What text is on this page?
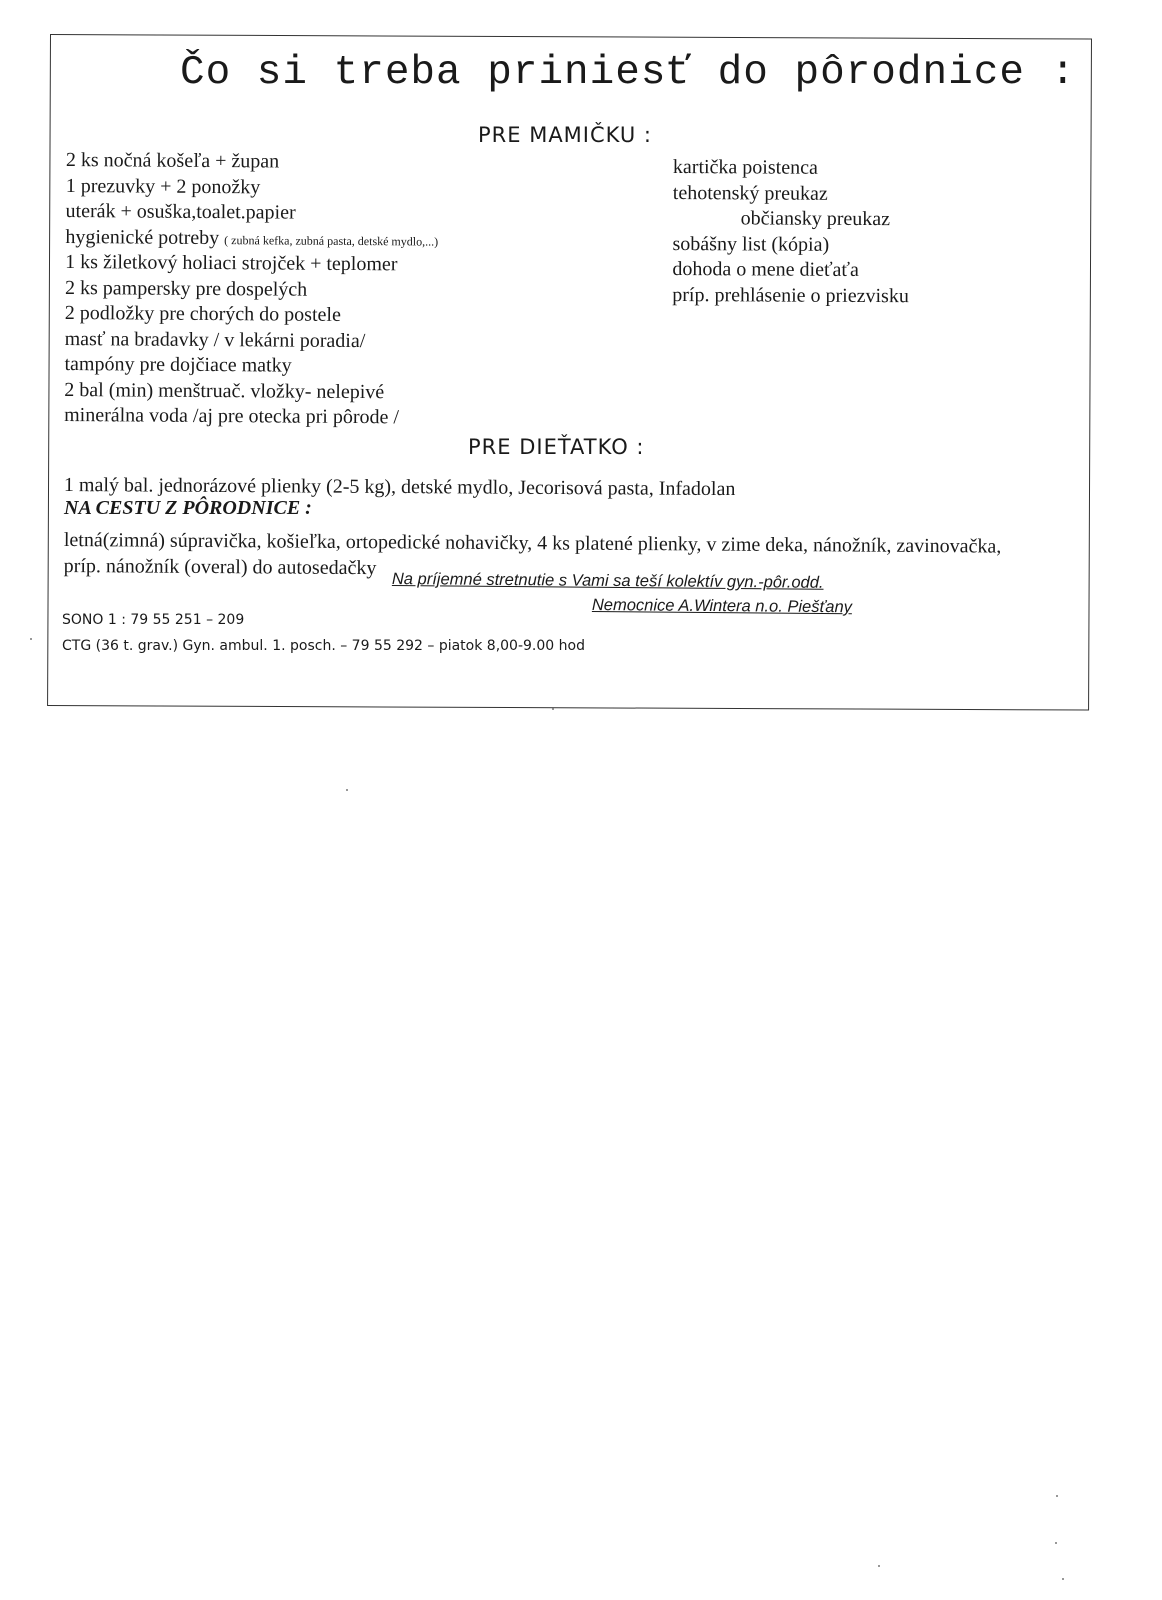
Čo si treba priniesť do pôrodnice :
PRE MAMIČKU :
2 ks nočná košeľa + župan
1 prezuvky + 2 ponožky
uterák + osuška,toalet.papier
hygienické potreby ( zubná kefka, zubná pasta, detské mydlo,...)
1 ks žiletkový holiaci strojček + teplomer
2 ks pampersky pre dospelých
2 podložky pre chorých do postele
masť na bradavky / v lekárni poradia/
tampóny pre dojčiace matky
2 bal (min) menštruač. vložky- nelepivé
minerálna voda /aj pre otecka pri pôrode /
kartička poistenca
tehotenský preukaz
občiansky preukaz
sobášny list (kópia)
dohoda o mene dieťaťa
príp. prehlásenie o priezvisku
PRE DIEŤATKO :
1 malý bal. jednorázové plienky (2-5 kg), detské mydlo, Jecorisová pasta, Infadolan
NA CESTU Z PÔRODNICE :
letná(zimná) súpravička, košieľka, ortopedické nohavičky, 4 ks platené plienky, v zime deka, nánožník, zavinovačka, príp. nánožník (overal) do autosedačky
Na príjemné stretnutie s Vami sa teší kolektív gyn.-pôr.odd.
Nemocnice A.Wintera n.o. Piešťany
SONO 1 : 79 55 251 – 209
CTG (36 t. grav.) Gyn. ambul. 1. posch. – 79 55 292 – piatok 8,00-9.00 hod
